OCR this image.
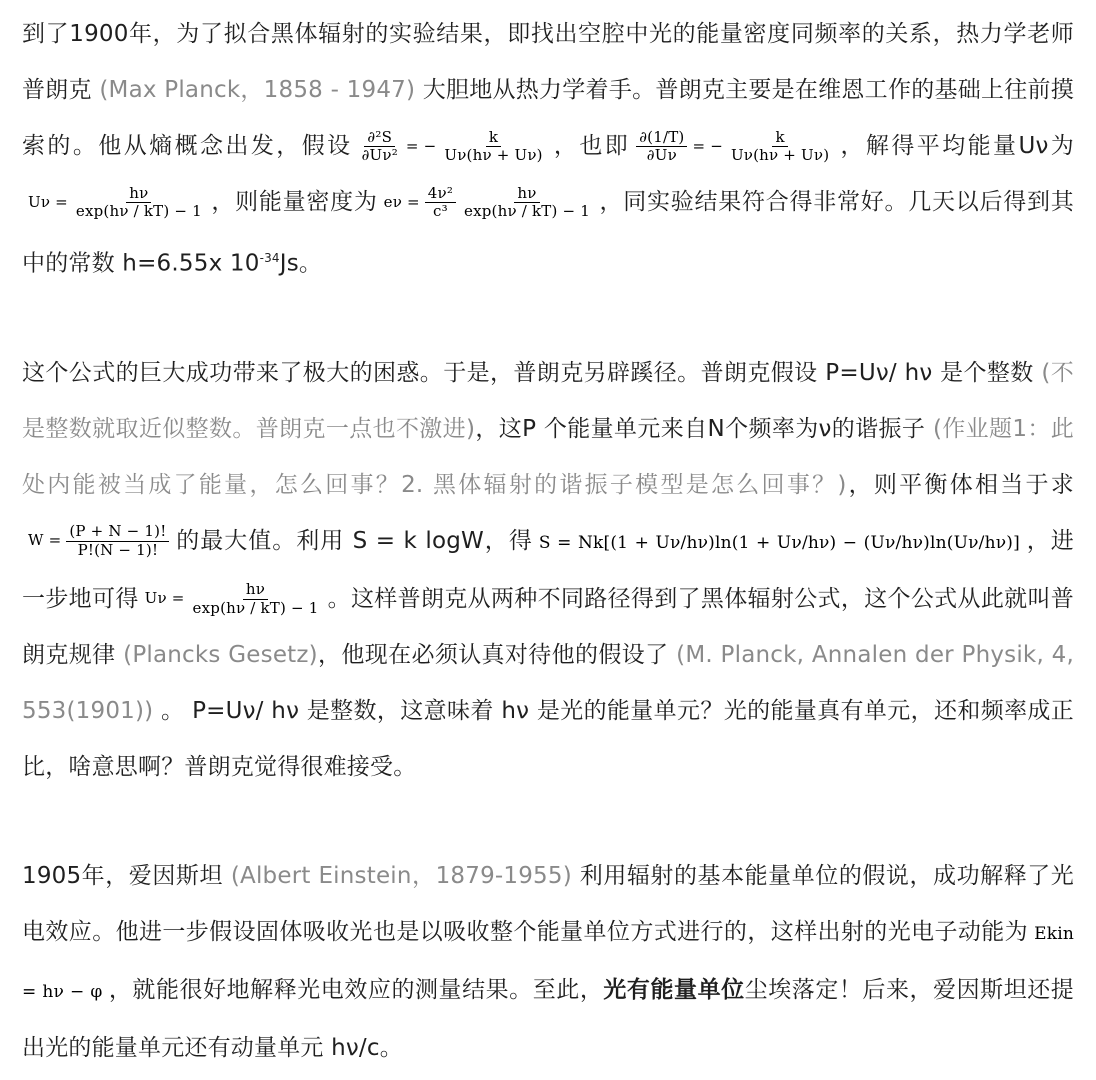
到了1900年，为了拟合黑体辐射的实验结果，即找出空腔中光的能量密度同频率的关系，热力学老师普朗克 (Max Planck，1858 - 1947) 大胆地从热力学着手。普朗克主要是在维恩工作的基础上往前摸索的。他从熵概念出发，假设 $\frac{\text{∂²S}}{\text{∂Uν²}}$ = − $\frac{k}{U\nu(h\nu + U\nu)}$ ，也即 $\frac{\partial(1/T)}{\partial U\nu}$ = − $\frac{k}{U\nu(h\nu + U\nu)}$ ，解得平均能量Uν为$U\nu = \frac{h\nu}{\exp(h\nu / kT) - 1}$ ，则能量密度为 $e\nu = \frac{\text{4ν²}}{\text{c³}}$
$\frac{h\nu}{\exp(h\nu / kT) - 1}$ ，同实验结果符合得非常好。几天以后得到其中的常数 h=6.55x $10^{-34}Js$。

这个公式的巨大成功带来了极大的困惑。于是，普朗克另辟蹊径。普朗克假设 P=Uν/ hν 是个整数 (不是整数就取近似整数。普朗克一点也不激进)，这P 个能量单元来自N个频率为ν的谐振子 (作业题1：此处内能被当成了能量，怎么回事？2. 黑体辐射的谐振子模型是怎么回事？)，则平衡体相当于求$W = \frac{(P + N - 1)!}{P!(N - 1)!}$ 的最大值。利用 S = k logW，得 S = Nk[(1 + Uν/hν)ln(1 + Uν/hν) − (Uν/hν)ln(Uν/hν)] ，进一步地可得 $U\nu = \frac{h\nu}{\exp(h\nu / kT) - 1}$ 。这样普朗克从两种不同路径得到了黑体辐射公式，这个公式从此就叫普朗克规律 (Plancks Gesetz)，他现在必须认真对待他的假设了 (M. Planck, Annalen der Physik, 4, 553(1901)) 。 P=Uν/ hν 是整数，这意味着 hν 是光的能量单元？光的能量真有单元，还和频率成正比，啥意思啊？普朗克觉得很难接受。

1905年，爱因斯坦 (Albert Einstein，1879-1955) 利用辐射的基本能量单位的假说，成功解释了光电效应。他进一步假设固体吸收光也是以吸收整个能量单位方式进行的，这样出射的光电子动能为 Ekin = hν − φ ，就能很好地解释光电效应的测量结果。至此，光有能量单位尘埃落定！后来，爱因斯坦还提出光的能量单元还有动量单元 hν/c。
